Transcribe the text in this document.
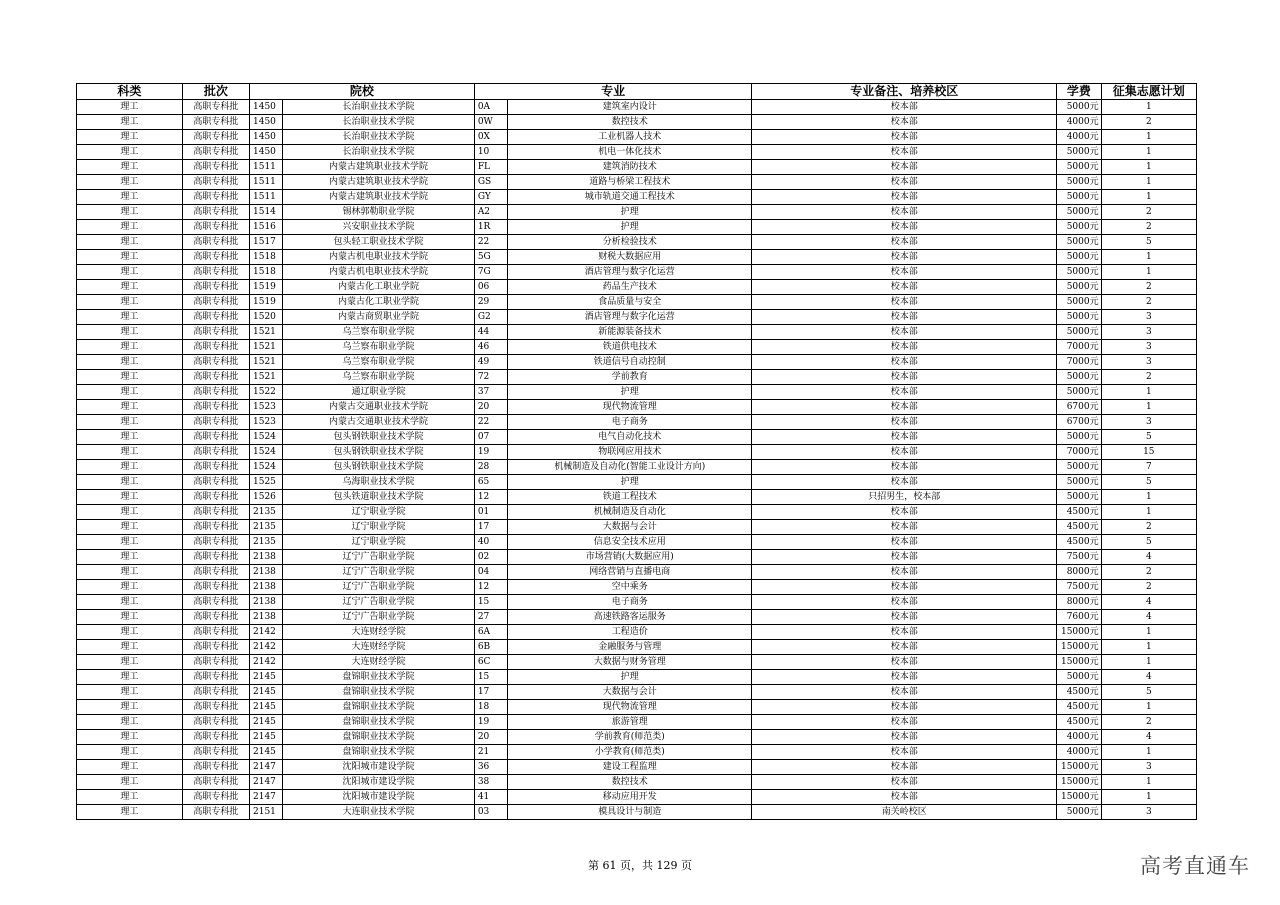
科类	批次	院校		专业		专业备注、培养校区	学费	征集志愿计划
理工	高职专科批	1450	长治职业技术学院	0A	建筑室内设计	校本部	5000元	1
理工	高职专科批	1450	长治职业技术学院	0W	数控技术	校本部	4000元	2
理工	高职专科批	1450	长治职业技术学院	0X	工业机器人技术	校本部	4000元	1
理工	高职专科批	1450	长治职业技术学院	10	机电一体化技术	校本部	5000元	1
理工	高职专科批	1511	内蒙古建筑职业技术学院	FL	建筑消防技术	校本部	5000元	1
理工	高职专科批	1511	内蒙古建筑职业技术学院	GS	道路与桥梁工程技术	校本部	5000元	1
理工	高职专科批	1511	内蒙古建筑职业技术学院	GY	城市轨道交通工程技术	校本部	5000元	1
理工	高职专科批	1514	锡林郭勒职业学院	A2	护理	校本部	5000元	2
理工	高职专科批	1516	兴安职业技术学院	1R	护理	校本部	5000元	2
理工	高职专科批	1517	包头轻工职业技术学院	22	分析检验技术	校本部	5000元	5
理工	高职专科批	1518	内蒙古机电职业技术学院	5G	财税大数据应用	校本部	5000元	1
理工	高职专科批	1518	内蒙古机电职业技术学院	7G	酒店管理与数字化运营	校本部	5000元	1
理工	高职专科批	1519	内蒙古化工职业学院	06	药品生产技术	校本部	5000元	2
理工	高职专科批	1519	内蒙古化工职业学院	29	食品质量与安全	校本部	5000元	2
理工	高职专科批	1520	内蒙古商贸职业学院	G2	酒店管理与数字化运营	校本部	5000元	3
理工	高职专科批	1521	乌兰察布职业学院	44	新能源装备技术	校本部	5000元	3
理工	高职专科批	1521	乌兰察布职业学院	46	铁道供电技术	校本部	7000元	3
理工	高职专科批	1521	乌兰察布职业学院	49	铁道信号自动控制	校本部	7000元	3
理工	高职专科批	1521	乌兰察布职业学院	72	学前教育	校本部	5000元	2
理工	高职专科批	1522	通辽职业学院	37	护理	校本部	5000元	1
理工	高职专科批	1523	内蒙古交通职业技术学院	20	现代物流管理	校本部	6700元	1
理工	高职专科批	1523	内蒙古交通职业技术学院	22	电子商务	校本部	6700元	3
理工	高职专科批	1524	包头钢铁职业技术学院	07	电气自动化技术	校本部	5000元	5
理工	高职专科批	1524	包头钢铁职业技术学院	19	物联网应用技术	校本部	7000元	15
理工	高职专科批	1524	包头钢铁职业技术学院	28	机械制造及自动化(智能工业设计方向)	校本部	5000元	7
理工	高职专科批	1525	乌海职业技术学院	65	护理	校本部	5000元	5
理工	高职专科批	1526	包头铁道职业技术学院	12	铁道工程技术	只招男生，校本部	5000元	1
理工	高职专科批	2135	辽宁职业学院	01	机械制造及自动化	校本部	4500元	1
理工	高职专科批	2135	辽宁职业学院	17	大数据与会计	校本部	4500元	2
理工	高职专科批	2135	辽宁职业学院	40	信息安全技术应用	校本部	4500元	5
理工	高职专科批	2138	辽宁广告职业学院	02	市场营销(大数据应用)	校本部	7500元	4
理工	高职专科批	2138	辽宁广告职业学院	04	网络营销与直播电商	校本部	8000元	2
理工	高职专科批	2138	辽宁广告职业学院	12	空中乘务	校本部	7500元	2
理工	高职专科批	2138	辽宁广告职业学院	15	电子商务	校本部	8000元	4
理工	高职专科批	2138	辽宁广告职业学院	27	高速铁路客运服务	校本部	7600元	4
理工	高职专科批	2142	大连财经学院	6A	工程造价	校本部	15000元	1
理工	高职专科批	2142	大连财经学院	6B	金融服务与管理	校本部	15000元	1
理工	高职专科批	2142	大连财经学院	6C	大数据与财务管理	校本部	15000元	1
理工	高职专科批	2145	盘锦职业技术学院	15	护理	校本部	5000元	4
理工	高职专科批	2145	盘锦职业技术学院	17	大数据与会计	校本部	4500元	5
理工	高职专科批	2145	盘锦职业技术学院	18	现代物流管理	校本部	4500元	1
理工	高职专科批	2145	盘锦职业技术学院	19	旅游管理	校本部	4500元	2
理工	高职专科批	2145	盘锦职业技术学院	20	学前教育(师范类)	校本部	4000元	4
理工	高职专科批	2145	盘锦职业技术学院	21	小学教育(师范类)	校本部	4000元	1
理工	高职专科批	2147	沈阳城市建设学院	36	建设工程监理	校本部	15000元	3
理工	高职专科批	2147	沈阳城市建设学院	38	数控技术	校本部	15000元	1
理工	高职专科批	2147	沈阳城市建设学院	41	移动应用开发	校本部	15000元	1
理工	高职专科批	2151	大连职业技术学院	03	模具设计与制造	南关岭校区	5000元	3
第 61 页，共 129 页	高考直通车
